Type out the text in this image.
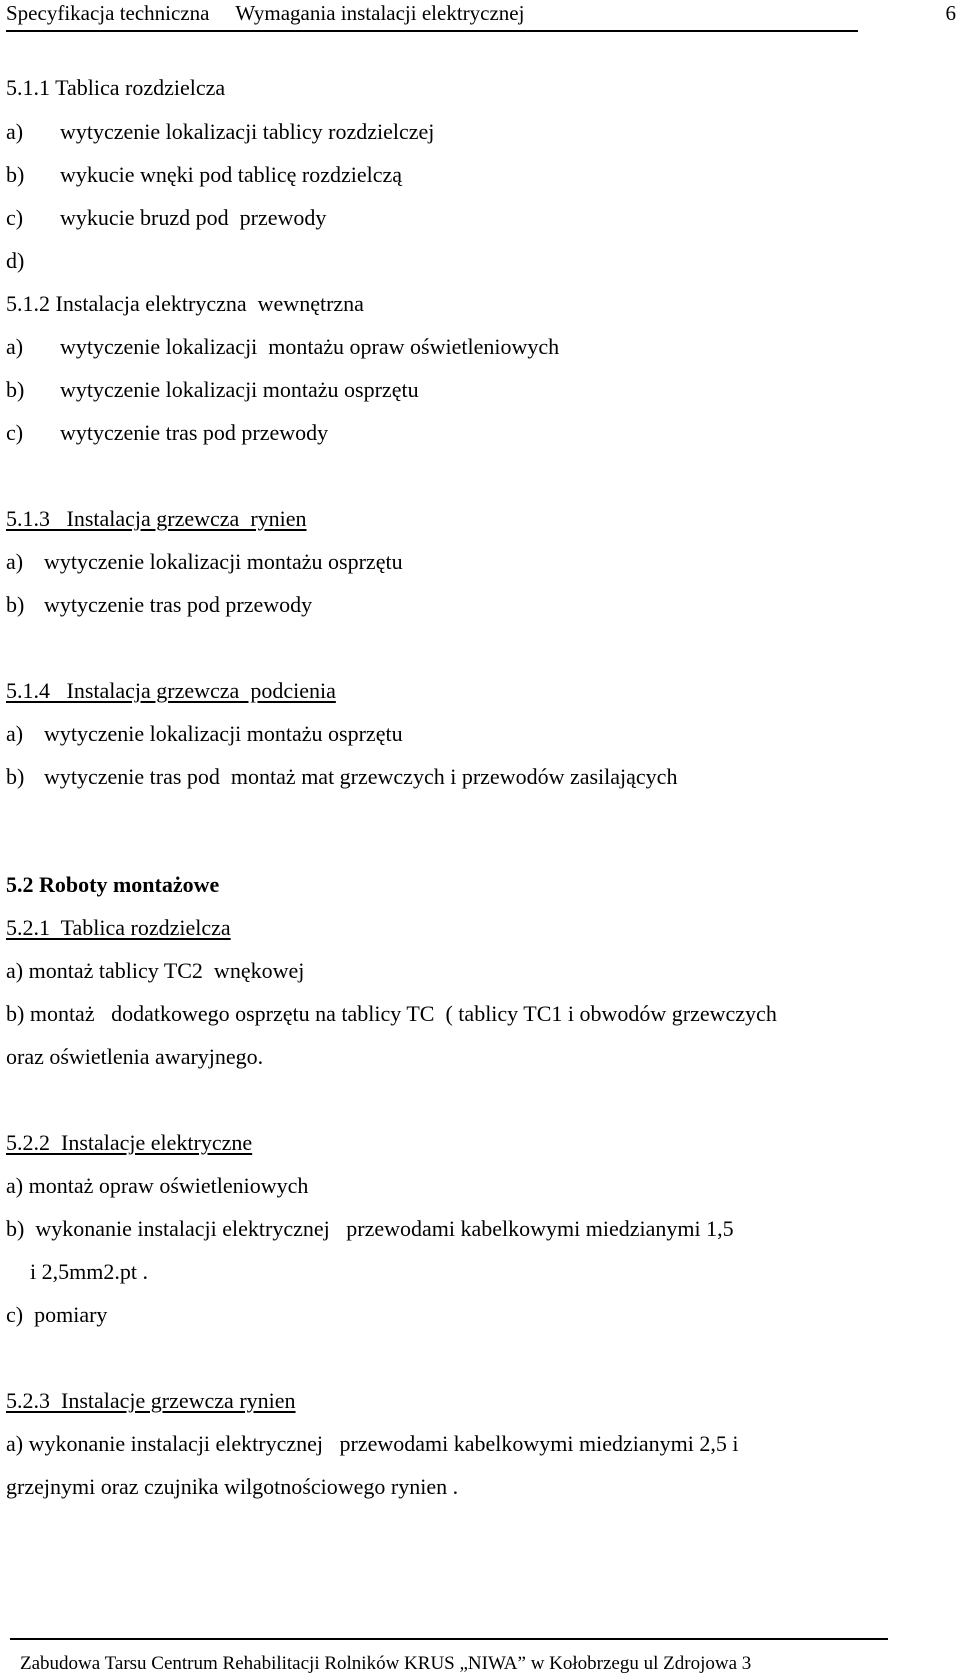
Specyfikacja techniczna     Wymagania instalacji elektrycznej	6
5.1.1 Tablica rozdzielcza
a) wytyczenie lokalizacji tablicy rozdzielczej
b) wykucie wnęki pod tablicę rozdzielczą
c) wykucie bruzd pod  przewody
d)
5.1.2 Instalacja elektryczna  wewnętrzna
a) wytyczenie lokalizacji  montażu opraw oświetleniowych
b) wytyczenie lokalizacji montażu osprzętu
c) wytyczenie tras pod przewody
5.1.3   Instalacja grzewcza  rynien
a) wytyczenie lokalizacji montażu osprzętu
b) wytyczenie tras pod przewody
5.1.4   Instalacja grzewcza  podcienia
a) wytyczenie lokalizacji montażu osprzętu
b) wytyczenie tras pod  montaż mat grzewczych i przewodów zasilających
5.2 Roboty montażowe
5.2.1  Tablica rozdzielcza
a) montaż tablicy TC2  wnękowej
b) montaż   dodatkowego osprzętu na tablicy TC  ( tablicy TC1 i obwodów grzewczych
oraz oświetlenia awaryjnego.
5.2.2  Instalacje elektryczne
a) montaż opraw oświetleniowych
b)  wykonanie instalacji elektrycznej   przewodami kabelkowymi miedzianymi 1,5
i 2,5mm2.pt .
c)  pomiary
5.2.3  Instalacje grzewcza rynien
a) wykonanie instalacji elektrycznej   przewodami kabelkowymi miedzianymi 2,5 i
grzejnymi oraz czujnika wilgotnościowego rynien .
Zabudowa Tarsu Centrum Rehabilitacji Rolników KRUS „NIWA” w Kołobrzegu ul Zdrojowa 3
